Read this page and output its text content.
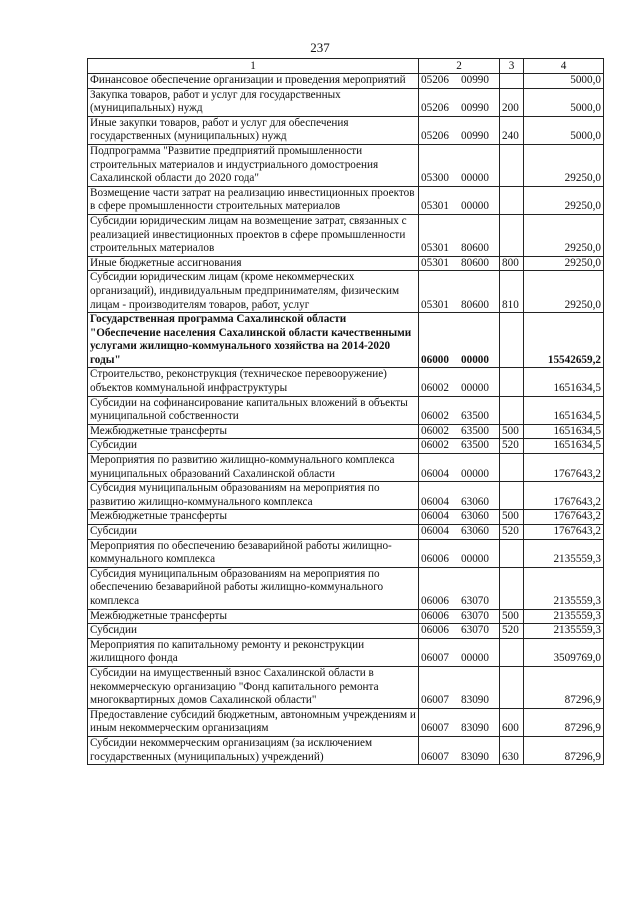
237
1	2	3	4
Финансовое обеспечение организации и проведения мероприятий	05206 00990		5000,0
Закупка товаров, работ и услуг для государственных (муниципальных) нужд	05206 00990	200	5000,0
Иные закупки товаров, работ и услуг для обеспечения государственных (муниципальных) нужд	05206 00990	240	5000,0
Подпрограмма "Развитие предприятий промышленности строительных материалов и индустриального домостроения Сахалинской области до 2020 года"	05300 00000		29250,0
Возмещение части затрат на реализацию инвестиционных проектов в сфере промышленности строительных материалов	05301 00000		29250,0
Субсидии юридическим лицам на возмещение затрат, связанных с реализацией инвестиционных проектов в сфере промышленности строительных материалов	05301 80600		29250,0
Иные бюджетные ассигнования	05301 80600	800	29250,0
Субсидии юридическим лицам (кроме некоммерческих организаций), индивидуальным предпринимателям, физическим лицам - производителям товаров, работ, услуг	05301 80600	810	29250,0
Государственная программа Сахалинской области "Обеспечение населения Сахалинской области качественными услугами жилищно-коммунального хозяйства на 2014-2020 годы"	06000 00000		15542659,2
Строительство, реконструкция (техническое перевооружение) объектов коммунальной инфраструктуры	06002 00000		1651634,5
Субсидии на софинансирование капитальных вложений в объекты муниципальной собственности	06002 63500		1651634,5
Межбюджетные трансферты	06002 63500	500	1651634,5
Субсидии	06002 63500	520	1651634,5
Мероприятия по развитию жилищно-коммунального комплекса муниципальных образований Сахалинской области	06004 00000		1767643,2
Субсидия муниципальным образованиям на мероприятия по развитию жилищно-коммунального комплекса	06004 63060		1767643,2
Межбюджетные трансферты	06004 63060	500	1767643,2
Субсидии	06004 63060	520	1767643,2
Мероприятия по обеспечению безаварийной работы жилищно-коммунального комплекса	06006 00000		2135559,3
Субсидия муниципальным образованиям на мероприятия по обеспечению безаварийной работы жилищно-коммунального комплекса	06006 63070		2135559,3
Межбюджетные трансферты	06006 63070	500	2135559,3
Субсидии	06006 63070	520	2135559,3
Мероприятия по капитальному ремонту и реконструкции жилищного фонда	06007 00000		3509769,0
Субсидии на имущественный взнос Сахалинской области в некоммерческую организацию "Фонд капитального ремонта многоквартирных домов Сахалинской области"	06007 83090		87296,9
Предоставление субсидий бюджетным, автономным учреждениям и иным некоммерческим организациям	06007 83090	600	87296,9
Субсидии некоммерческим организациям (за исключением государственных (муниципальных) учреждений)	06007 83090	630	87296,9
